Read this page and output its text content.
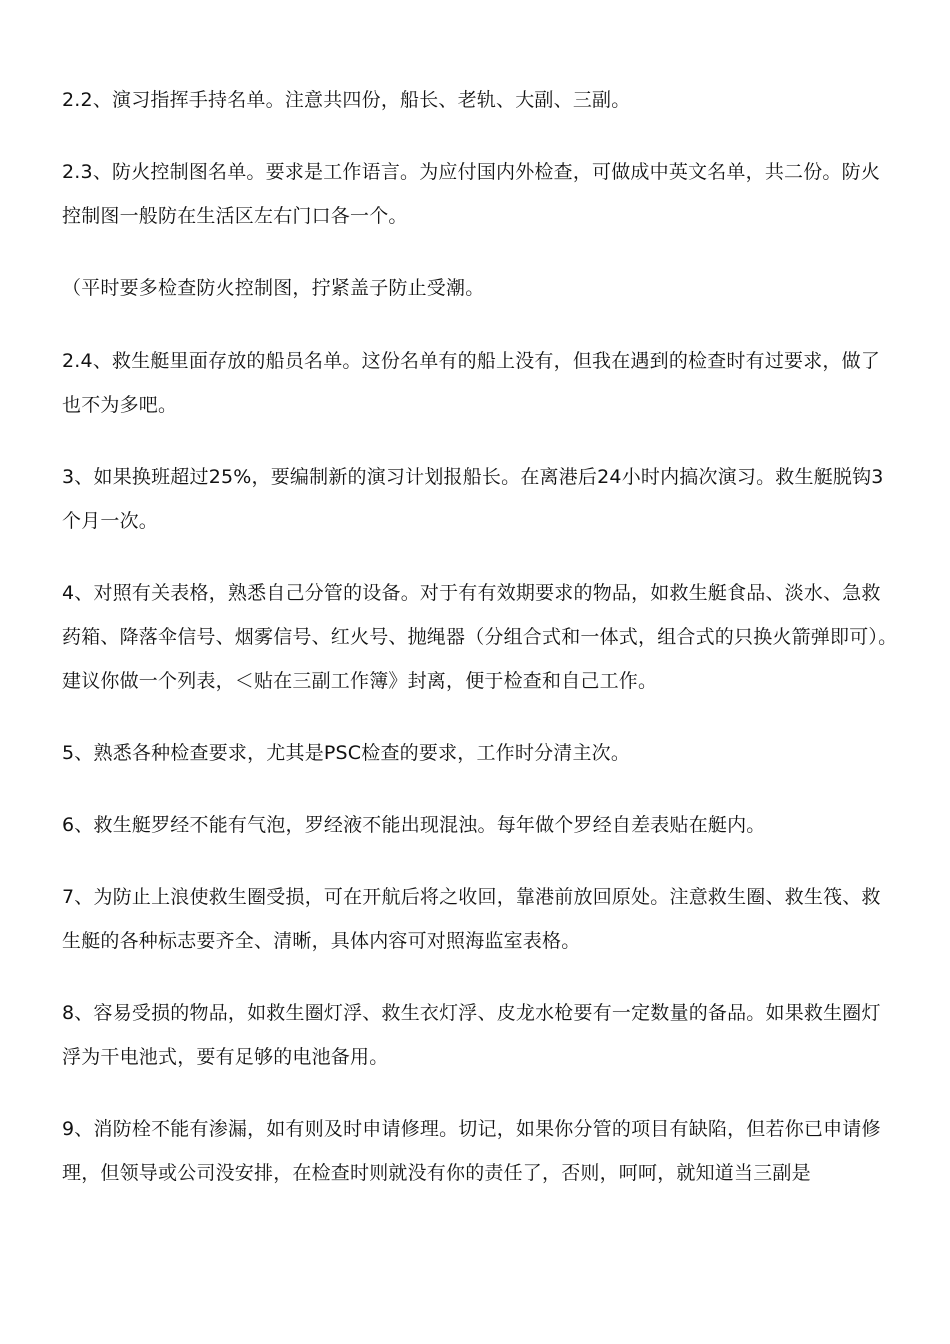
2.2、演习指挥手持名单。注意共四份，船长、老轨、大副、三副。

2.3、防火控制图名单。要求是工作语言。为应付国内外检查，可做成中英文名单，共二份。防火控制图一般防在生活区左右门口各一个。

（平时要多检查防火控制图，拧紧盖子防止受潮。

2.4、救生艇里面存放的船员名单。这份名单有的船上没有，但我在遇到的检查时有过要求，做了也不为多吧。

3、如果换班超过25%，要编制新的演习计划报船长。在离港后24小时内搞次演习。救生艇脱钩3个月一次。

4、对照有关表格，熟悉自己分管的设备。对于有有效期要求的物品，如救生艇食品、淡水、急救药箱、降落伞信号、烟雾信号、红火号、抛绳器（分组合式和一体式，组合式的只换火箭弹即可）。建议你做一个列表，＜贴在三副工作簿》封离，便于检查和自己工作。

5、熟悉各种检查要求，尤其是PSC检查的要求，工作时分清主次。

6、救生艇罗经不能有气泡，罗经液不能出现混浊。每年做个罗经自差表贴在艇内。

7、为防止上浪使救生圈受损，可在开航后将之收回，靠港前放回原处。注意救生圈、救生筏、救生艇的各种标志要齐全、清晰，具体内容可对照海监室表格。

8、容易受损的物品，如救生圈灯浮、救生衣灯浮、皮龙水枪要有一定数量的备品。如果救生圈灯浮为干电池式，要有足够的电池备用。

9、消防栓不能有渗漏，如有则及时申请修理。切记，如果你分管的项目有缺陷，但若你已申请修理，但领导或公司没安排，在检查时则就没有你的责任了，否则，呵呵，就知道当三副是
